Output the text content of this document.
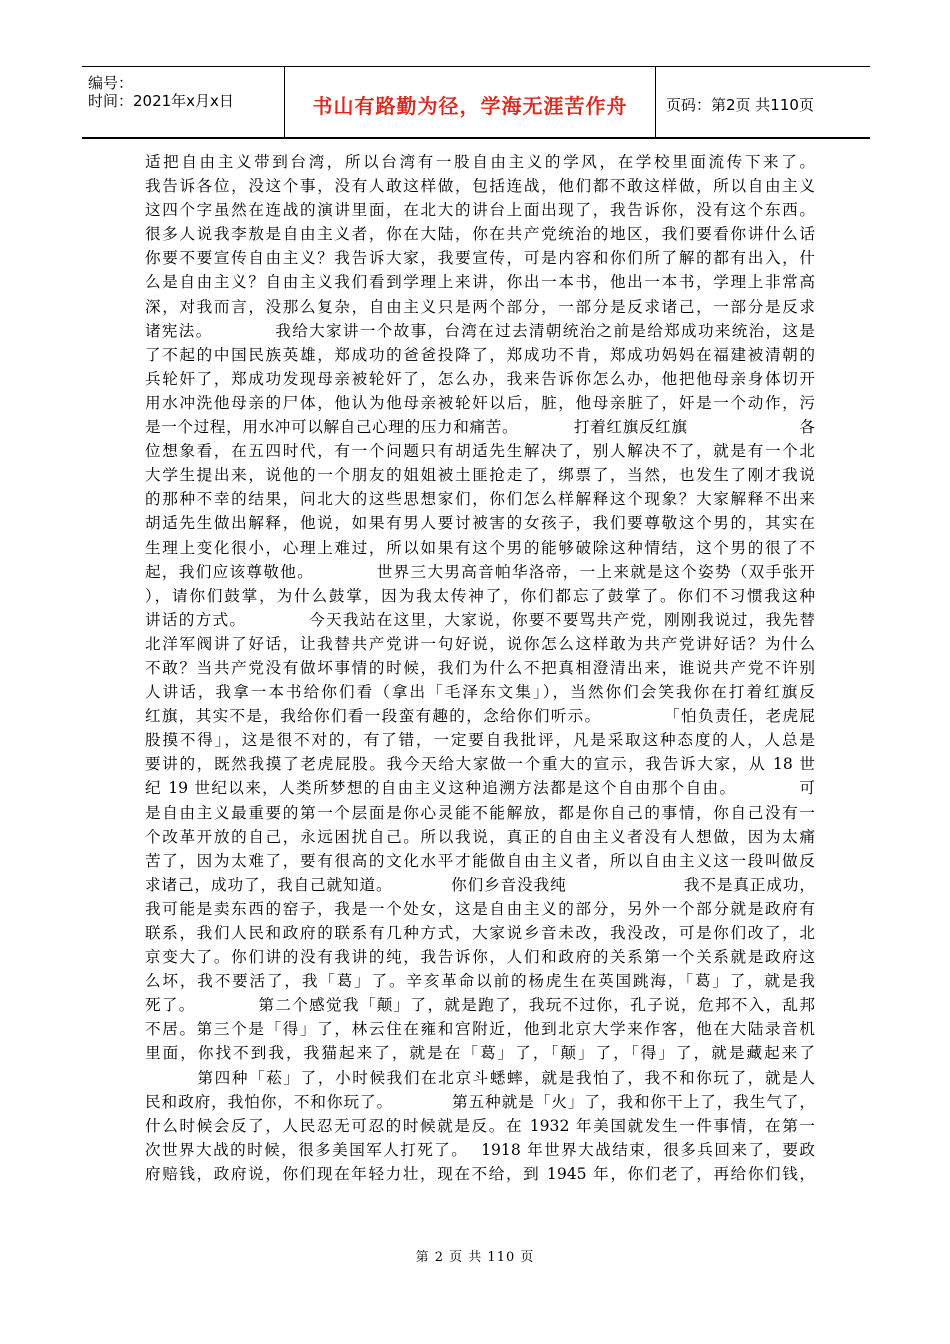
编号：
时间：2021年x月x日	书山有路勤为径，学海无涯苦作舟	页码：第2页 共110页
适把自由主义带到台湾，所以台湾有一股自由主义的学风，在学校里面流传下来了。
我告诉各位，没这个事，没有人敢这样做，包括连战，他们都不敢这样做，所以自由主义
这四个字虽然在连战的演讲里面，在北大的讲台上面出现了，我告诉你，没有这个东西。
很多人说我李敖是自由主义者，你在大陆，你在共产党统治的地区，我们要看你讲什么话
你要不要宣传自由主义？我告诉大家，我要宣传，可是内容和你们所了解的都有出入，什
么是自由主义？自由主义我们看到学理上来讲，你出一本书，他出一本书，学理上非常高
深，对我而言，没那么复杂，自由主义只是两个部分，一部分是反求诸己，一部分是反求
诸宪法。          我给大家讲一个故事，台湾在过去清朝统治之前是给郑成功来统治，这是
了不起的中国民族英雄，郑成功的爸爸投降了，郑成功不肯，郑成功妈妈在福建被清朝的
兵轮奸了，郑成功发现母亲被轮奸了，怎么办，我来告诉你怎么办，他把他母亲身体切开
用水冲洗他母亲的尸体，他认为他母亲被轮奸以后，脏，他母亲脏了，奸是一个动作，污
是一个过程，用水冲可以解自己心理的压力和痛苦。          打着红旗反红旗                    各
位想象看，在五四时代，有一个问题只有胡适先生解决了，别人解决不了，就是有一个北
大学生提出来，说他的一个朋友的姐姐被土匪抢走了，绑票了，当然，也发生了刚才我说
的那种不幸的结果，问北大的这些思想家们，你们怎么样解释这个现象？大家解释不出来
胡适先生做出解释，他说，如果有男人要讨被害的女孩子，我们要尊敬这个男的，其实在
生理上变化很小，心理上难过，所以如果有这个男的能够破除这种情结，这个男的很了不
起，我们应该尊敬他。          世界三大男高音帕华洛帝，一上来就是这个姿势（双手张开
），请你们鼓掌，为什么鼓掌，因为我太传神了，你们都忘了鼓掌了。你们不习惯我这种
讲话的方式。          今天我站在这里，大家说，你要不要骂共产党，刚刚我说过，我先替
北洋军阀讲了好话，让我替共产党讲一句好说，说你怎么这样敢为共产党讲好话？为什么
不敢？当共产党没有做坏事情的时候，我们为什么不把真相澄清出来，谁说共产党不许别
人讲话，我拿一本书给你们看（拿出「毛泽东文集」），当然你们会笑我你在打着红旗反
红旗，其实不是，我给你们看一段蛮有趣的，念给你们听示。          「怕负责任，老虎屁
股摸不得」，这是很不对的，有了错，一定要自我批评，凡是采取这种态度的人，人总是
要讲的，既然我摸了老虎屁股。我今天给大家做一个重大的宣示，我告诉大家，从 18 世
纪 19 世纪以来，人类所梦想的自由主义这种追溯方法都是这个自由那个自由。          可
是自由主义最重要的第一个层面是你心灵能不能解放，都是你自己的事情，你自己没有一
个改革开放的自己，永远困扰自己。所以我说，真正的自由主义者没有人想做，因为太痛
苦了，因为太难了，要有很高的文化水平才能做自由主义者，所以自由主义这一段叫做反
求诸己，成功了，我自己就知道。          你们乡音没我纯                    我不是真正成功，
我可能是卖东西的窑子，我是一个处女，这是自由主义的部分，另外一个部分就是政府有
联系，我们人民和政府的联系有几种方式，大家说乡音未改，我没改，可是你们改了，北
京变大了。你们讲的没有我讲的纯，我告诉你，人们和政府的关系第一个关系就是政府这
么坏，我不要活了，我「葛」了。辛亥革命以前的杨虎生在英国跳海，「葛」了，就是我
死了。          第二个感觉我「颠」了，就是跑了，我玩不过你，孔子说，危邦不入，乱邦
不居。第三个是「得」了，林云住在雍和宫附近，他到北京大学来作客，他在大陆录音机
里面，你找不到我，我猫起来了，就是在「葛」了，「颠」了，「得」了，就是藏起来了
第四种「菘」了，小时候我们在北京斗蟋蟀，就是我怕了，我不和你玩了，就是人
民和政府，我怕你，不和你玩了。          第五种就是「火」了，我和你干上了，我生气了，
什么时候会反了，人民忍无可忍的时候就是反。在 1932 年美国就发生一件事情，在第一
次世界大战的时候，很多美国军人打死了。  1918 年世界大战结束，很多兵回来了，要政
府赔钱，政府说，你们现在年轻力壮，现在不给，到 1945 年，你们老了，再给你们钱，
第 2 页 共 110 页
